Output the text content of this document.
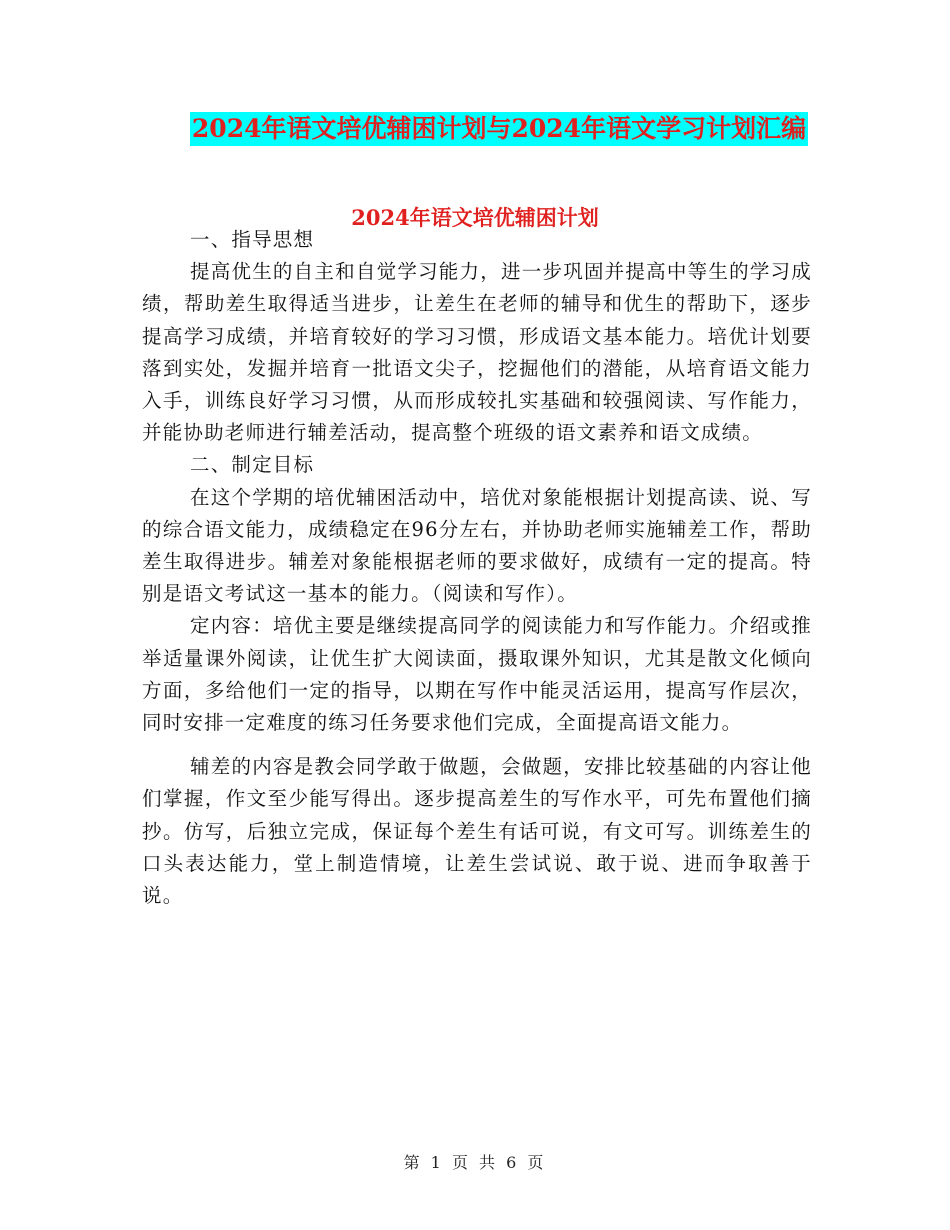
2024年语文培优辅困计划与2024年语文学习计划汇编
2024年语文培优辅困计划

一、指导思想

提高优生的自主和自觉学习能力，进一步巩固并提高中等生的学习成绩，帮助差生取得适当进步，让差生在老师的辅导和优生的帮助下，逐步提高学习成绩，并培育较好的学习习惯，形成语文基本能力。培优计划要落到实处，发掘并培育一批语文尖子，挖掘他们的潜能，从培育语文能力入手，训练良好学习习惯，从而形成较扎实基础和较强阅读、写作能力，并能协助老师进行辅差活动，提高整个班级的语文素养和语文成绩。

二、制定目标

在这个学期的培优辅困活动中，培优对象能根据计划提高读、说、写的综合语文能力，成绩稳定在96分左右，并协助老师实施辅差工作，帮助差生取得进步。辅差对象能根据老师的要求做好，成绩有一定的提高。特别是语文考试这一基本的能力。（阅读和写作）。

定内容：培优主要是继续提高同学的阅读能力和写作能力。介绍或推举适量课外阅读，让优生扩大阅读面，摄取课外知识，尤其是散文化倾向方面，多给他们一定的指导，以期在写作中能灵活运用，提高写作层次，同时安排一定难度的练习任务要求他们完成，全面提高语文能力。

辅差的内容是教会同学敢于做题，会做题，安排比较基础的内容让他们掌握，作文至少能写得出。逐步提高差生的写作水平，可先布置他们摘抄。仿写，后独立完成，保证每个差生有话可说，有文可写。训练差生的口头表达能力，堂上制造情境，让差生尝试说、敢于说、进而争取善于说。

第 1 页 共 6 页
